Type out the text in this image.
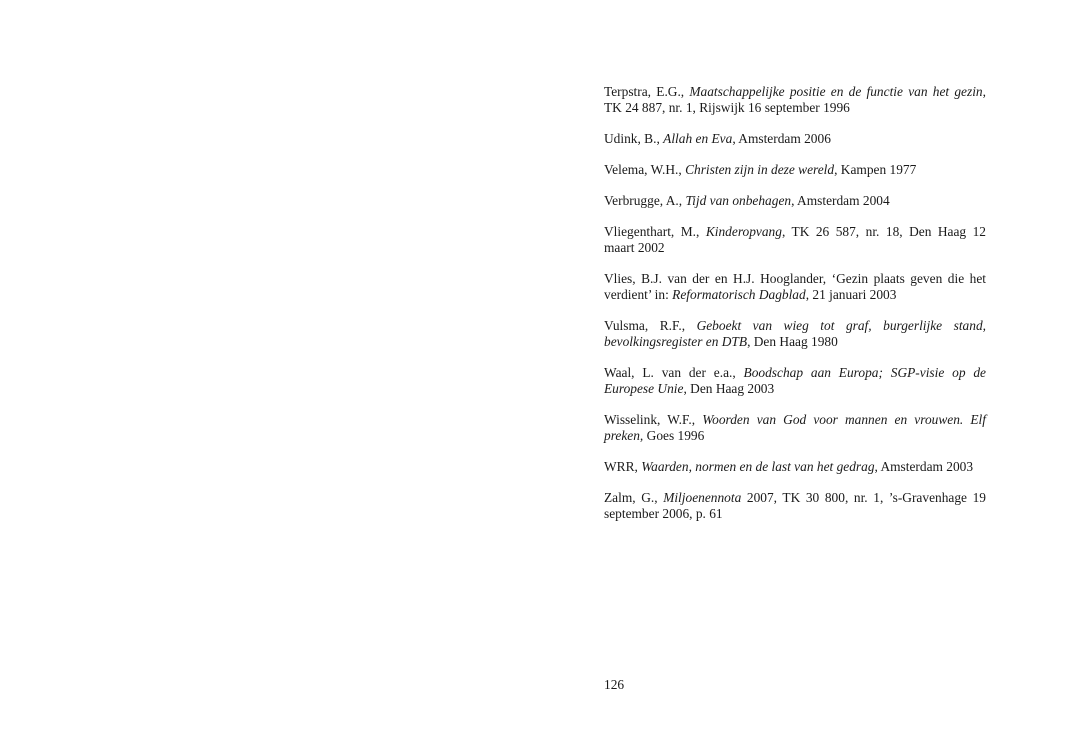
Terpstra, E.G., Maatschappelijke positie en de functie van het gezin, TK 24 887, nr. 1, Rijswijk 16 september 1996

Udink, B., Allah en Eva, Amsterdam 2006

Velema, W.H., Christen zijn in deze wereld, Kampen 1977

Verbrugge, A., Tijd van onbehagen, Amsterdam 2004

Vliegenthart, M., Kinderopvang, TK 26 587, nr. 18, Den Haag 12 maart 2002

Vlies, B.J. van der en H.J. Hooglander, ‘Gezin plaats geven die het verdient’ in: Reformatorisch Dagblad, 21 januari 2003

Vulsma, R.F., Geboekt van wieg tot graf, burgerlijke stand, bevolkingsregister en DTB, Den Haag 1980

Waal, L. van der e.a., Boodschap aan Europa; SGP-visie op de Europese Unie, Den Haag 2003

Wisselink, W.F., Woorden van God voor mannen en vrouwen. Elf preken, Goes 1996

WRR, Waarden, normen en de last van het gedrag, Amsterdam 2003

Zalm, G., Miljoenennota 2007, TK 30 800, nr. 1, ’s-Gravenhage 19 september 2006, p. 61

126
